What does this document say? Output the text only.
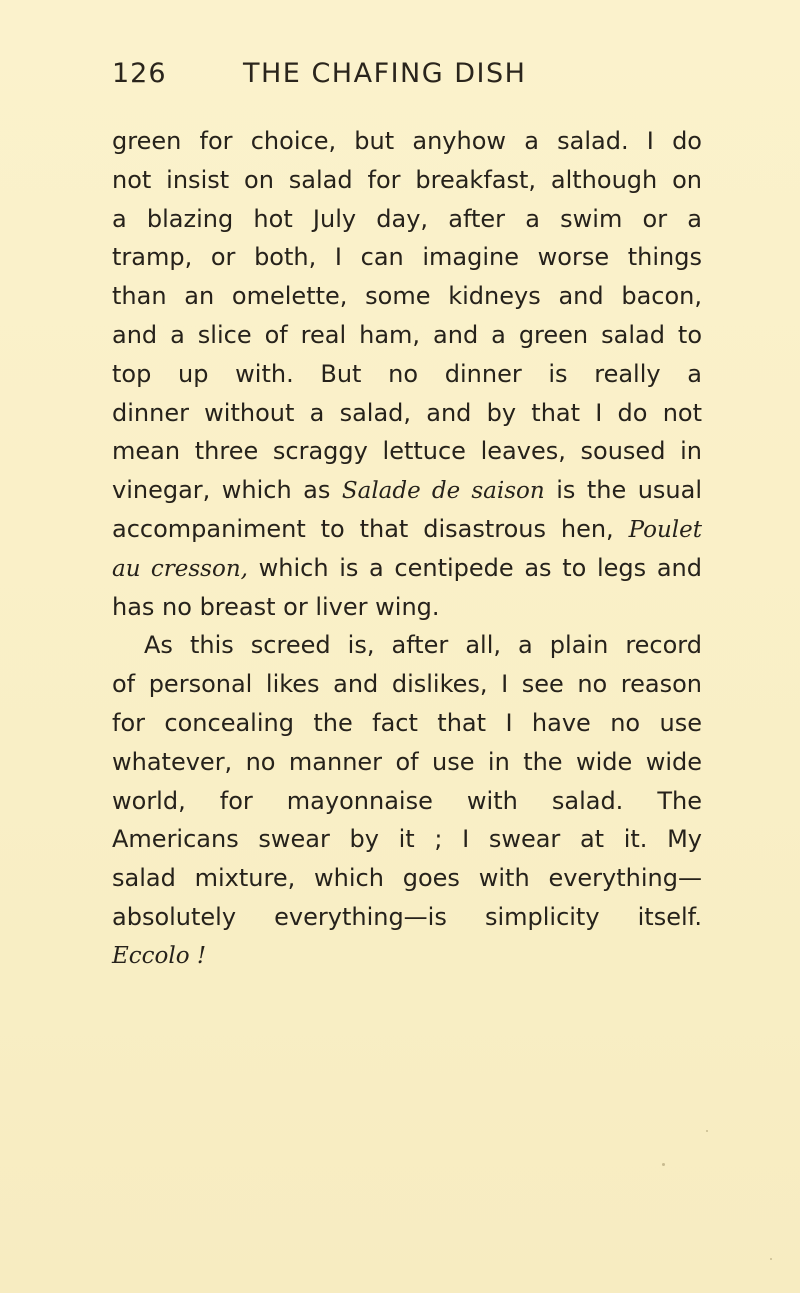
126	THE CHAFING DISH
green for choice, but anyhow a salad. I do
not insist on salad for breakfast, although on
a blazing hot July day, after a swim or a
tramp, or both, I can imagine worse things
than an omelette, some kidneys and bacon,
and a slice of real ham, and a green salad to
top up with. But no dinner is really a
dinner without a salad, and by that I do not
mean three scraggy lettuce leaves, soused in
vinegar, which as Salade de saison is the usual
accompaniment to that disastrous hen, Poulet
au cresson, which is a centipede as to legs and
has no breast or liver wing.
As this screed is, after all, a plain record
of personal likes and dislikes, I see no reason
for concealing the fact that I have no use
whatever, no manner of use in the wide wide
world, for mayonnaise with salad. The
Americans swear by it ; I swear at it. My
salad mixture, which goes with everything—
absolutely everything—is simplicity itself.
Eccolo !
